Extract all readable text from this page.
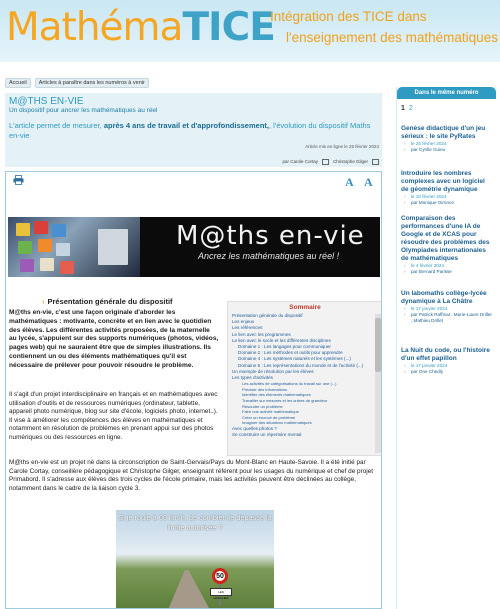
MathémaTICE
Intégration des TICE dans
l'enseignement des mathématiques
Accueil	Articles à paraître dans les numéros à venir
M@THS EN-VIE
Un dispositif pour ancrer les mathématiques au réel
L'article permet de mesurer, après 4 ans de travail et d'approfondissement,, l'évolution du dispositif Maths en-vie
Article mis en ligne le 25 février 2024
par Carole Cortay	Christophe Gilger
A A
M@ths en-vie
Ancrez les mathématiques au réel !
› Présentation générale du dispositif
M@ths en-vie, c'est une façon originale d'aborder les mathématiques : motivante, concrète et en lien avec le quotidien des élèves. Les différentes activités proposées, de la maternelle au lycée, s'appuient sur des supports numériques (photos, vidéos, pages web) qui ne sauraient être que de simples illustrations. Ils contiennent un ou des éléments mathématiques qu'il est nécessaire de prélever pour pouvoir résoudre le problème.
Il s'agit d'un projet interdisciplinaire en français et en mathématiques avec utilisation d'outils et de ressources numériques (ordinateur, tablette, appareil photo numérique, blog sur site d'école, logiciels photo, internet..). Il vise à améliorer les compétences des élèves en mathématiques et notamment en résolution de problèmes en prenant appui sur des photos numériques ou des ressources en ligne.
M@ths en-vie est un projet né dans la circonscription de Saint-Gervais/Pays du Mont-Blanc en Haute-Savoie. Il a été initié par Carole Cortay, conseillère pédagogique et Christophe Gilger, enseignant référent pour les usages du numérique et chef de projet Primabord. Il s'adresse aux élèves des trois cycles de l'école primaire, mais les activités peuvent être déclinées au collège, notamment dans le cadre de la liaison cycle 3.
Sommaire
Présentation générale du dispositif
Les enjeux
Les références
Le lien avec les programmes
Le lien avec le socle et les différentes disciplines
Domaine 1 : Les langages pour communiquer
Domaine 2 : Les méthodes et outils pour apprendre
Domaine 4 : Les systèmes naturels et les systèmes (...)
Domaine 5 : Les représentations du monde et de l'activité (...)
Un exemple de résolution par les élèves
Les types d'activités
Les activités de catégorisations du travail sur une (...)
Préciser des informations
Identifier des éléments mathématiques
Travailler sur mesures et les ordres de grandeur
Résoudre un problème
Faire une activité mathématique
Créer un énoncé de problème
Imaginer des situations mathématiques
Avec quelles photos ?
Se construire un répertoire mental
Si je roule à 60 km/h, de combien je dépasse la limite autorisée ?
50
LES HOUCHES
Dans le même numéro
1 2
Genèse didactique d'un jeu sérieux : le site PyRates
› le 25 février 2024
› par Cyrille Guieu
Introduire les nombres complexes avec un logiciel de géométrie dynamique
› le 10 février 2024
› par Monique Gironce
Comparaison des performances d'une IA de Google et de XCAS pour résoudre des problèmes des Olympiades internationales de mathématiques
› le 4 février 2024
› par Bernard Parisse
Un labomaths collège-lycée dynamique à La Châtre
› le 17 janvier 2024
› par Patrick Raffinat , Marie-Laure Drillet , Mathieu Drillet
La Nuit du code, ou l'histoire d'un effet papillon
› le 17 janvier 2024
› par One Chedly
